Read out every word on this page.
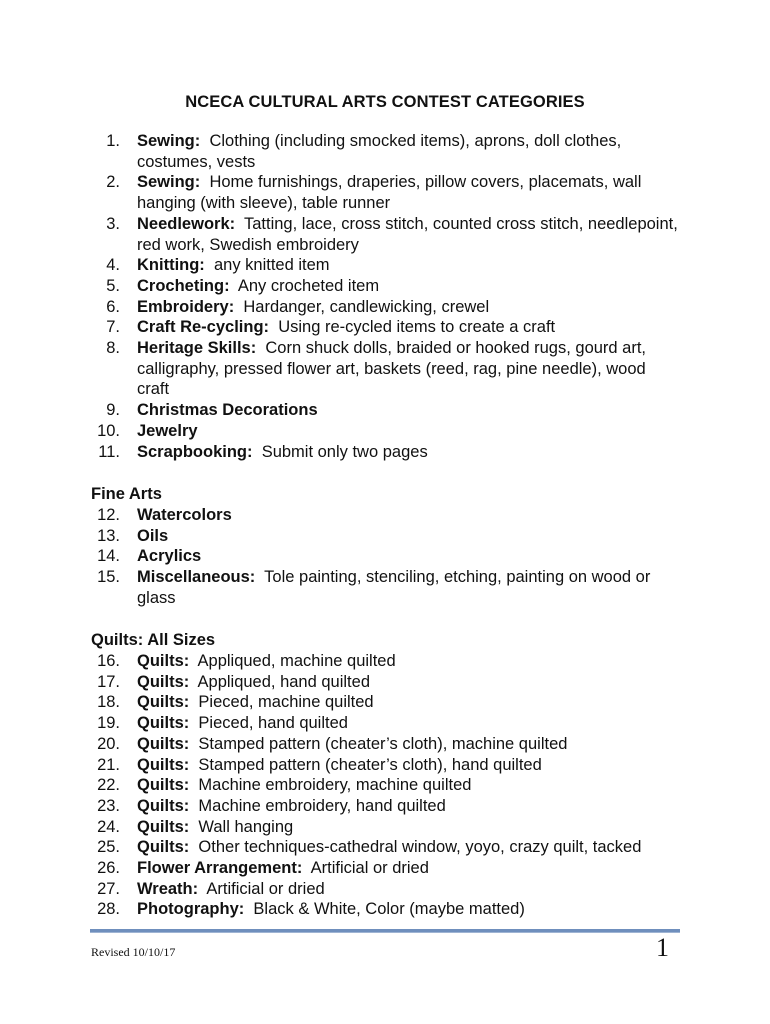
NCECA CULTURAL ARTS CONTEST CATEGORIES
1. Sewing: Clothing (including smocked items), aprons, doll clothes, costumes, vests
2. Sewing: Home furnishings, draperies, pillow covers, placemats, wall hanging (with sleeve), table runner
3. Needlework: Tatting, lace, cross stitch, counted cross stitch, needlepoint, red work, Swedish embroidery
4. Knitting: any knitted item
5. Crocheting: Any crocheted item
6. Embroidery: Hardanger, candlewicking, crewel
7. Craft Re-cycling: Using re-cycled items to create a craft
8. Heritage Skills: Corn shuck dolls, braided or hooked rugs, gourd art, calligraphy, pressed flower art, baskets (reed, rag, pine needle), wood craft
9. Christmas Decorations
10. Jewelry
11. Scrapbooking: Submit only two pages
Fine Arts
12. Watercolors
13. Oils
14. Acrylics
15. Miscellaneous: Tole painting, stenciling, etching, painting on wood or glass
Quilts: All Sizes
16. Quilts: Appliqued, machine quilted
17. Quilts: Appliqued, hand quilted
18. Quilts: Pieced, machine quilted
19. Quilts: Pieced, hand quilted
20. Quilts: Stamped pattern (cheater’s cloth), machine quilted
21. Quilts: Stamped pattern (cheater’s cloth), hand quilted
22. Quilts: Machine embroidery, machine quilted
23. Quilts: Machine embroidery, hand quilted
24. Quilts: Wall hanging
25. Quilts: Other techniques-cathedral window, yoyo, crazy quilt, tacked
26. Flower Arrangement: Artificial or dried
27. Wreath: Artificial or dried
28. Photography: Black & White, Color (maybe matted)
Revised 10/10/17	1
